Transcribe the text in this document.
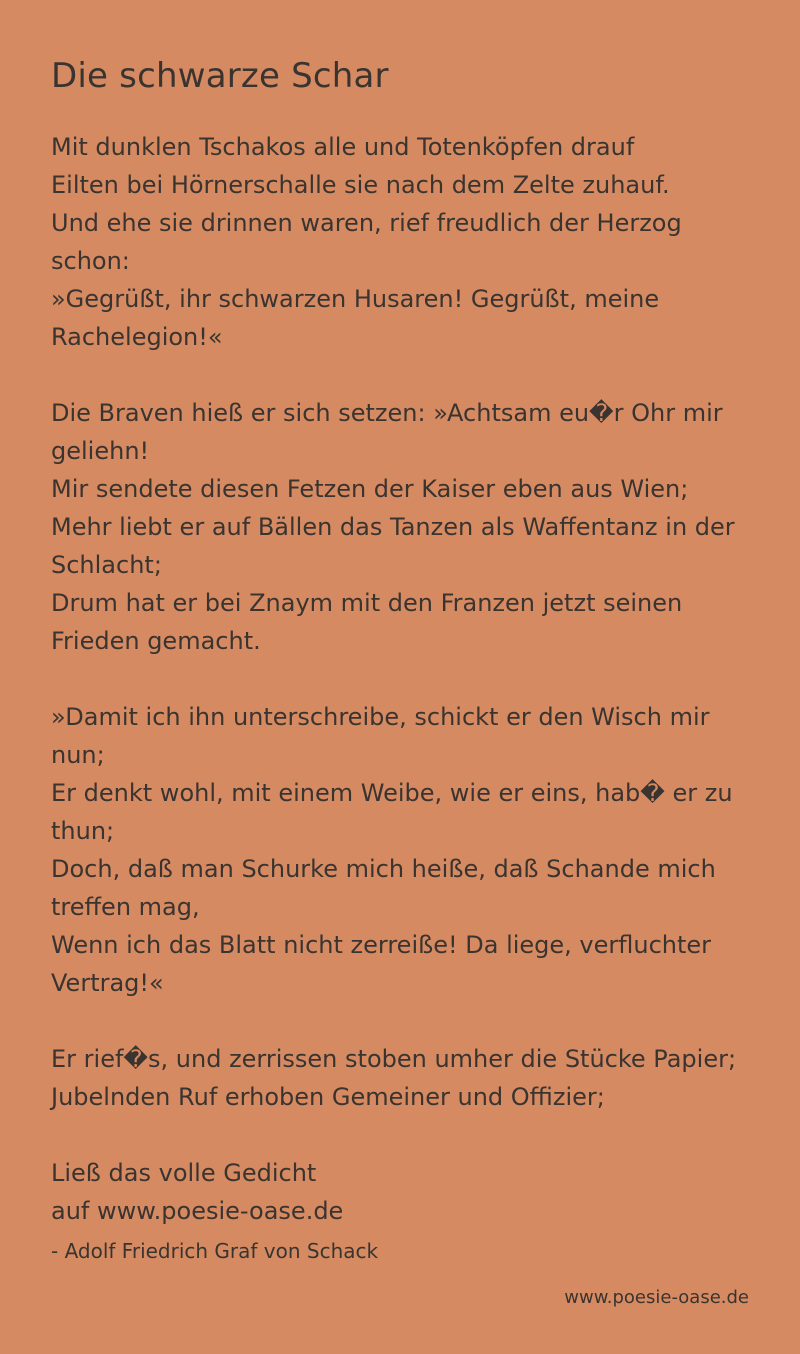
Die schwarze Schar
Mit dunklen Tschakos alle und Totenköpfen drauf
Eilten bei Hörnerschalle sie nach dem Zelte zuhauf.
Und ehe sie drinnen waren, rief freudlich der Herzog schon:
»Gegrüßt, ihr schwarzen Husaren! Gegrüßt, meine Rachelegion!«
Die Braven hieß er sich setzen: »Achtsam eu�r Ohr mir geliehn!
Mir sendete diesen Fetzen der Kaiser eben aus Wien;
Mehr liebt er auf Bällen das Tanzen als Waffentanz in der Schlacht;
Drum hat er bei Znaym mit den Franzen jetzt seinen Frieden gemacht.
»Damit ich ihn unterschreibe, schickt er den Wisch mir nun;
Er denkt wohl, mit einem Weibe, wie er eins, hab� er zu thun;
Doch, daß man Schurke mich heiße, daß Schande mich treffen mag,
Wenn ich das Blatt nicht zerreiße! Da liege, verfluchter Vertrag!«
Er rief�s, und zerrissen stoben umher die Stücke Papier;
Jubelnden Ruf erhoben Gemeiner und Offizier;
Ließ das volle Gedicht
auf www.poesie-oase.de
- Adolf Friedrich Graf von Schack
www.poesie-oase.de
